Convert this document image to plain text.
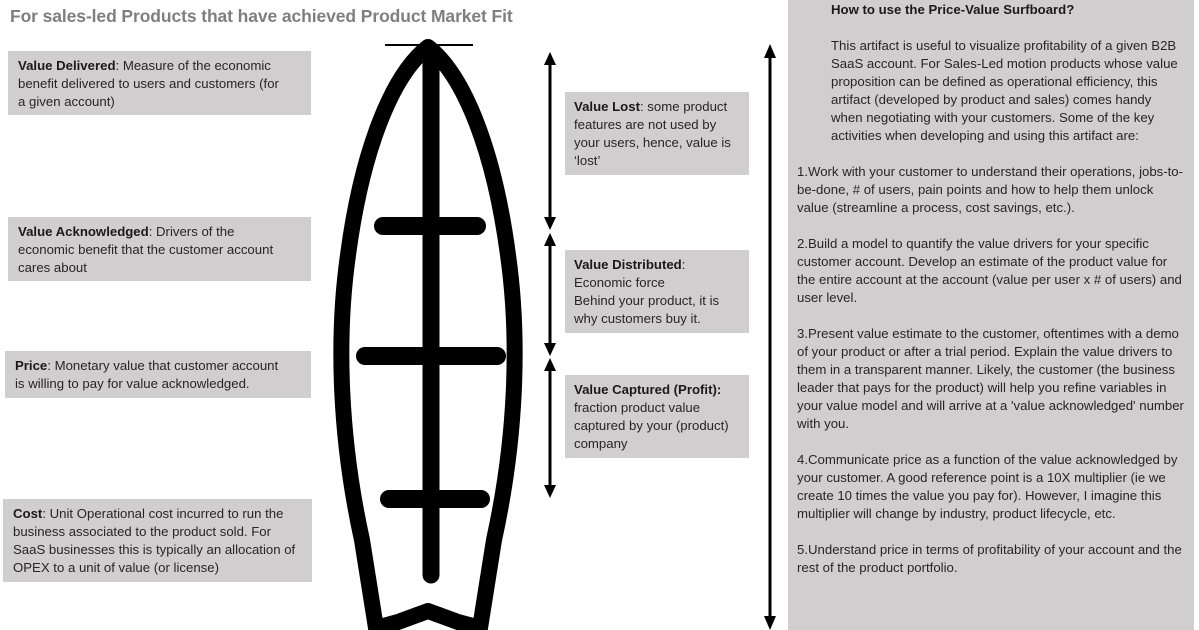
For sales-led Products that have achieved Product Market Fit
Value Delivered: Measure of the economic
benefit delivered to users and customers (for
a given account)
Value Acknowledged: Drivers of the
economic benefit that the customer account
cares about
Price: Monetary value that customer account
is willing to pay for value acknowledged.
Cost: Unit Operational cost incurred to run the
business associated to the product sold. For
SaaS businesses this is typically an allocation of
OPEX to a unit of value (or license)
Value Lost: some product
features are not used by
your users, hence, value is
‘lost’
Value Distributed:
Economic force
Behind your product, it is
why customers buy it.
Value Captured (Profit):
fraction product value
captured by your (product)
company
How to use the Price-Value Surfboard?
This artifact is useful to visualize profitability of a given B2B SaaS account. For Sales-Led motion products whose value proposition can be defined as operational efficiency, this artifact (developed by product and sales) comes handy when negotiating with your customers. Some of the key activities when developing and using this artifact are:
1.Work with your customer to understand their operations, jobs-to-be-done, # of users, pain points and how to help them unlock value (streamline a process, cost savings, etc.).
2.Build a model to quantify the value drivers for your specific customer account. Develop an estimate of the product value for the entire account at the account (value per user x # of users) and user level.
3.Present value estimate to the customer, oftentimes with a demo of your product or after a trial period. Explain the value drivers to them in a transparent manner. Likely, the customer (the business leader that pays for the product) will help you refine variables in your value model and will arrive at a 'value acknowledged' number with you.
4.Communicate price as a function of the value acknowledged by your customer. A good reference point is a 10X multiplier (ie we create 10 times the value you pay for). However, I imagine this multiplier will change by industry, product lifecycle, etc.
5.Understand price in terms of profitability of your account and the rest of the product portfolio.
